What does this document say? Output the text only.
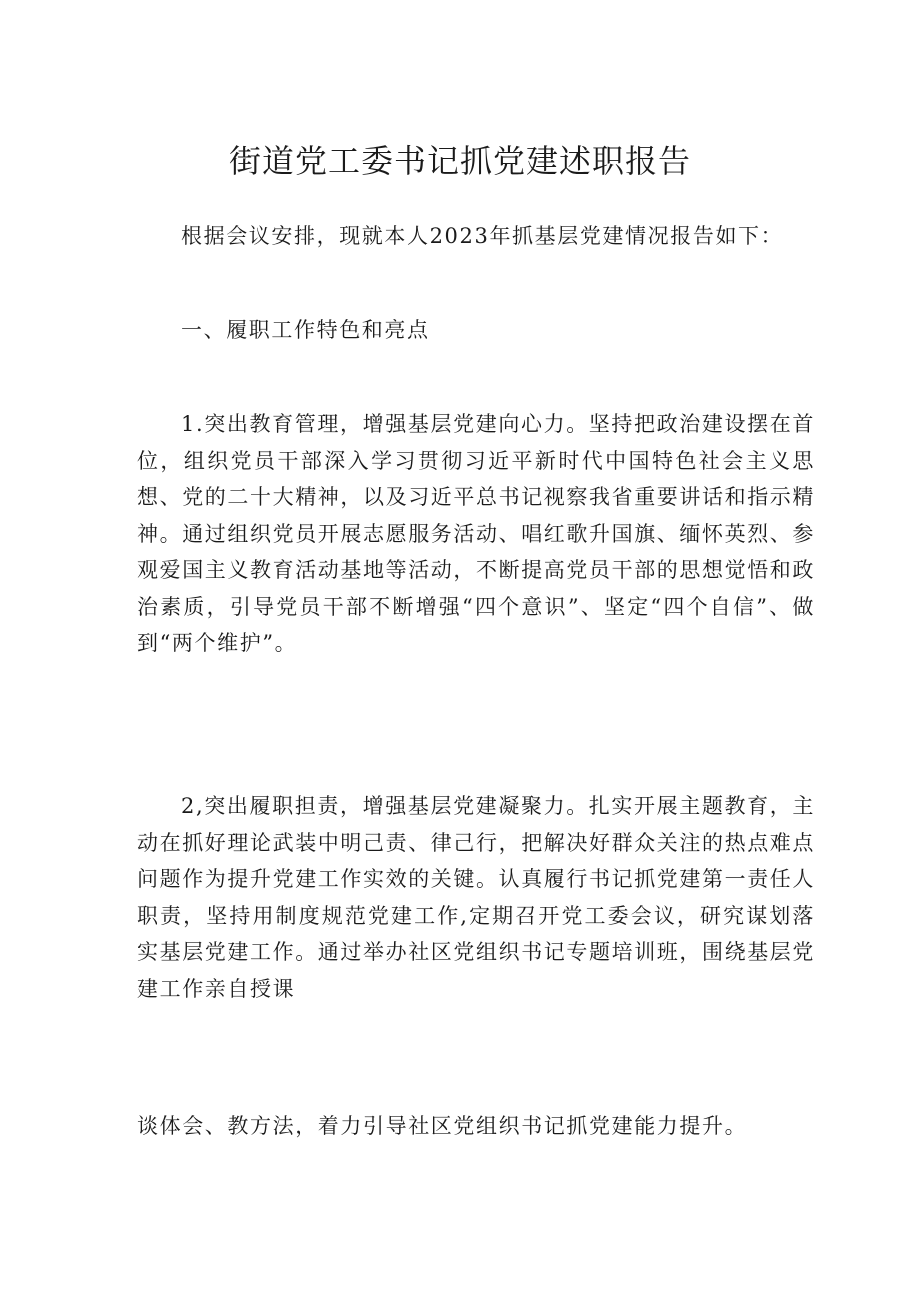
街道党工委书记抓党建述职报告

根据会议安排，现就本人2023年抓基层党建情况报告如下：

一、履职工作特色和亮点

1.突出教育管理，增强基层党建向心力。坚持把政治建设摆在首位，组织党员干部深入学习贯彻习近平新时代中国特色社会主义思想、党的二十大精神，以及习近平总书记视察我省重要讲话和指示精神。通过组织党员开展志愿服务活动、唱红歌升国旗、缅怀英烈、参观爱国主义教育活动基地等活动，不断提高党员干部的思想觉悟和政治素质，引导党员干部不断增强“四个意识”、坚定“四个自信”、做到“两个维护”。

2,突出履职担责，增强基层党建凝聚力。扎实开展主题教育，主动在抓好理论武装中明己责、律己行，把解决好群众关注的热点难点问题作为提升党建工作实效的关键。认真履行书记抓党建第一责任人职责，坚持用制度规范党建工作,定期召开党工委会议，研究谋划落实基层党建工作。通过举办社区党组织书记专题培训班，围绕基层党建工作亲自授课

谈体会、教方法，着力引导社区党组织书记抓党建能力提升。
